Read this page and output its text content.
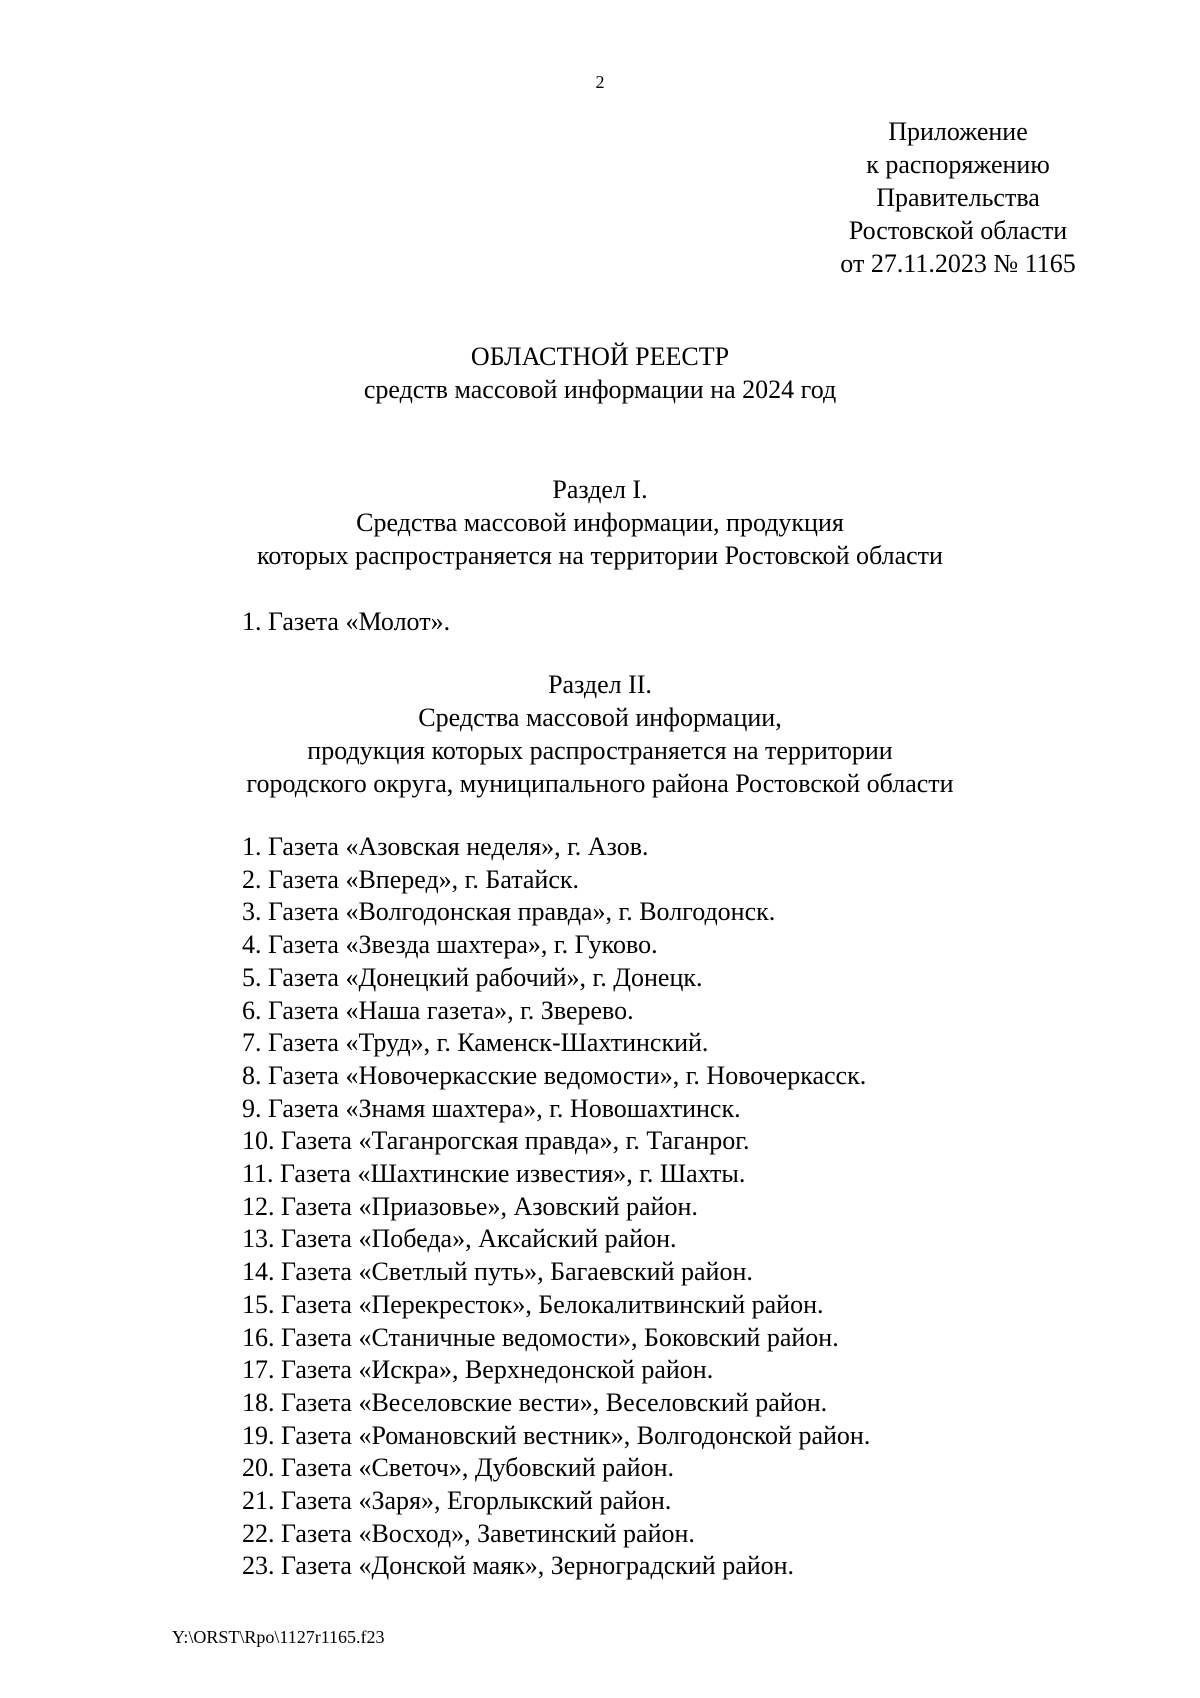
2
Приложение
к распоряжению
Правительства
Ростовской области
от 27.11.2023 № 1165
ОБЛАСТНОЙ РЕЕСТР
средств массовой информации на 2024 год
Раздел I.
Средства массовой информации, продукция
которых распространяется на территории Ростовской области
1. Газета «Молот».
Раздел II.
Средства массовой информации,
продукция которых распространяется на территории
городского округа, муниципального района Ростовской области
1. Газета «Азовская неделя», г. Азов.
2. Газета «Вперед», г. Батайск.
3. Газета «Волгодонская правда», г. Волгодонск.
4. Газета «Звезда шахтера», г. Гуково.
5. Газета «Донецкий рабочий», г. Донецк.
6. Газета «Наша газета», г. Зверево.
7. Газета «Труд», г. Каменск-Шахтинский.
8. Газета «Новочеркасские ведомости», г. Новочеркасск.
9. Газета «Знамя шахтера», г. Новошахтинск.
10. Газета «Таганрогская правда», г. Таганрог.
11. Газета «Шахтинские известия», г. Шахты.
12. Газета «Приазовье», Азовский район.
13. Газета «Победа», Аксайский район.
14. Газета «Светлый путь», Багаевский район.
15. Газета «Перекресток», Белокалитвинский район.
16. Газета «Станичные ведомости», Боковский район.
17. Газета «Искра», Верхнедонской район.
18. Газета «Веселовские вести», Веселовский район.
19. Газета «Романовский вестник», Волгодонской район.
20. Газета «Светоч», Дубовский район.
21. Газета «Заря», Егорлыкский район.
22. Газета «Восход», Заветинский район.
23. Газета «Донской маяк», Зерноградский район.
Y:\ORST\Rpo\1127r1165.f23
